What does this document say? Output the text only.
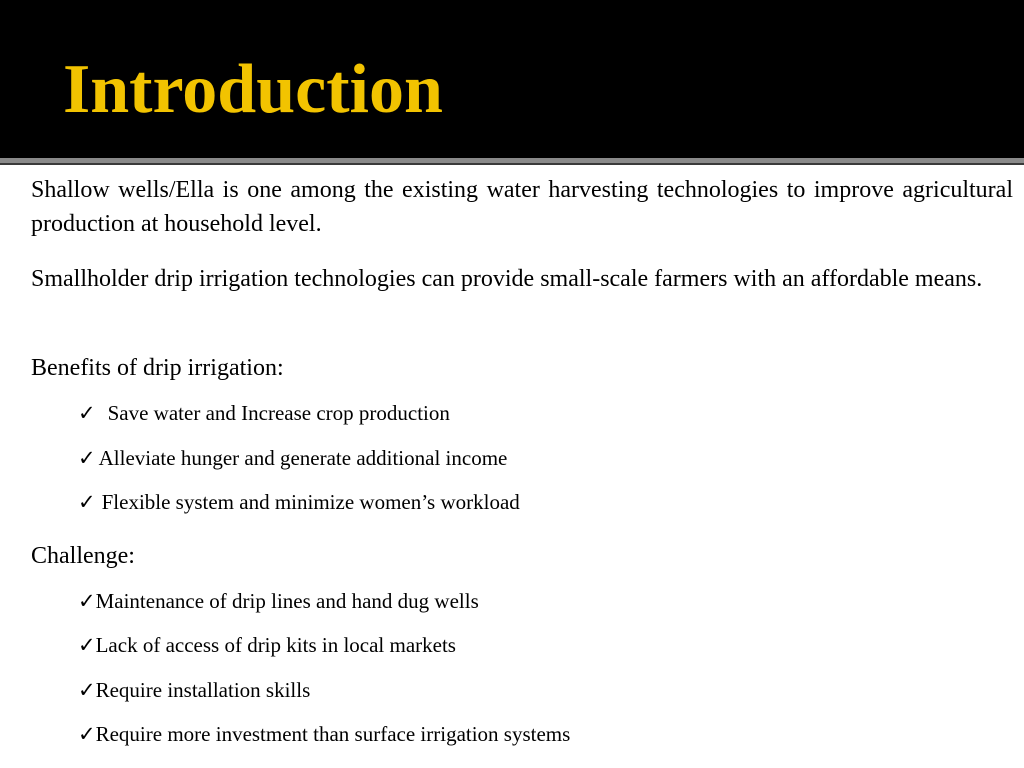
Introduction

Shallow wells/Ella is one among the existing water harvesting technologies to improve agricultural production at household level.

Smallholder drip irrigation technologies can provide small-scale farmers with an affordable means.

Benefits of drip irrigation:

✓ Save water and Increase crop production

✓ Alleviate hunger and generate additional income

✓ Flexible system and minimize women’s workload

Challenge:

✓Maintenance of drip lines and hand dug wells

✓Lack of access of drip kits in local markets

✓Require installation skills

✓Require more investment than surface irrigation systems
